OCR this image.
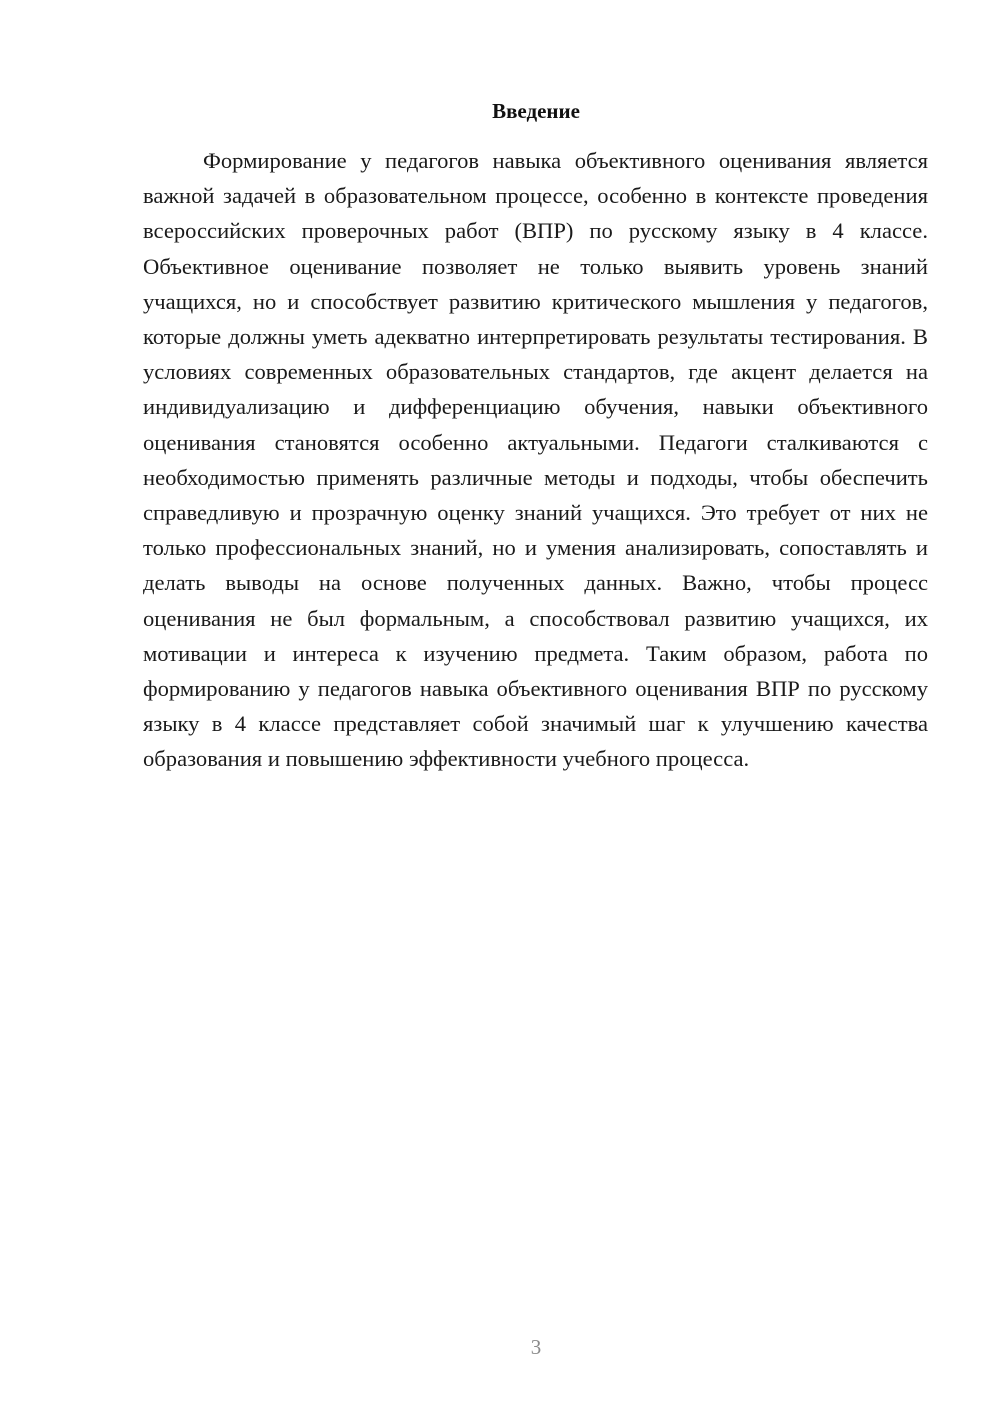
Введение

Формирование у педагогов навыка объективного оценивания является важной задачей в образовательном процессе, особенно в контексте проведения всероссийских проверочных работ (ВПР) по русскому языку в 4 классе. Объективное оценивание позволяет не только выявить уровень знаний учащихся, но и способствует развитию критического мышления у педагогов, которые должны уметь адекватно интерпретировать результаты тестирования. В условиях современных образовательных стандартов, где акцент делается на индивидуализацию и дифференциацию обучения, навыки объективного оценивания становятся особенно актуальными. Педагоги сталкиваются с необходимостью применять различные методы и подходы, чтобы обеспечить справедливую и прозрачную оценку знаний учащихся. Это требует от них не только профессиональных знаний, но и умения анализировать, сопоставлять и делать выводы на основе полученных данных. Важно, чтобы процесс оценивания не был формальным, а способствовал развитию учащихся, их мотивации и интереса к изучению предмета. Таким образом, работа по формированию у педагогов навыка объективного оценивания ВПР по русскому языку в 4 классе представляет собой значимый шаг к улучшению качества образования и повышению эффективности учебного процесса.

3
